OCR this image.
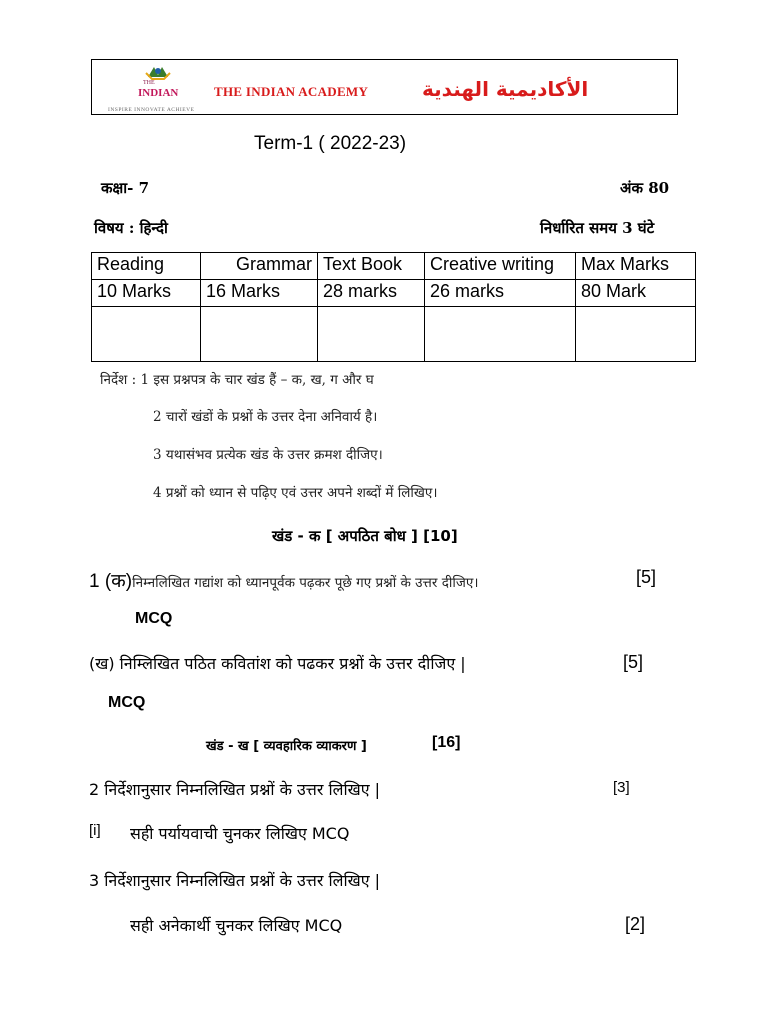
THE
INDIAN
INSPIRE INNOVATE ACHIEVE
THE INDIAN ACADEMY	الأكاديمية الهندية
Term-1 ( 2022-23)
कक्षा- 7	अंक 80
विषय : हिन्दी	निर्धारित समय 3 घंटे
Reading	Grammar	Text Book	Creative writing	Max Marks
10 Marks	16 Marks	28 marks	26 marks	80 Mark

निर्देश : 1 इस प्रश्नपत्र के चार खंड हैं – क, ख, ग और घ
2 चारों खंडों के प्रश्नों के उत्तर देना अनिवार्य है।
3 यथासंभव प्रत्येक खंड के उत्तर क्रमश दीजिए।
4 प्रश्नों को ध्यान से पढ़िए एवं उत्तर अपने शब्दों में लिखिए।
खंड - क [ अपठित बोध ] [10]
1 (क)निम्नलिखित गद्यांश को ध्यानपूर्वक पढ़कर पूछे गए प्रश्नों के उत्तर दीजिए।	[5]
MCQ
(ख) निम्लिखित पठित कवितांश को पढकर प्रश्नों के उत्तर दीजिए |	[5]
MCQ
खंड - ख [ व्यवहारिक व्याकरण ]	[16]
2 निर्देशानुसार निम्नलिखित प्रश्नों के उत्तर लिखिए |	[3]
[i] सही पर्यायवाची चुनकर लिखिए MCQ
3 निर्देशानुसार निम्नलिखित प्रश्नों के उत्तर लिखिए |
सही अनेकार्थी चुनकर लिखिए MCQ	[2]
